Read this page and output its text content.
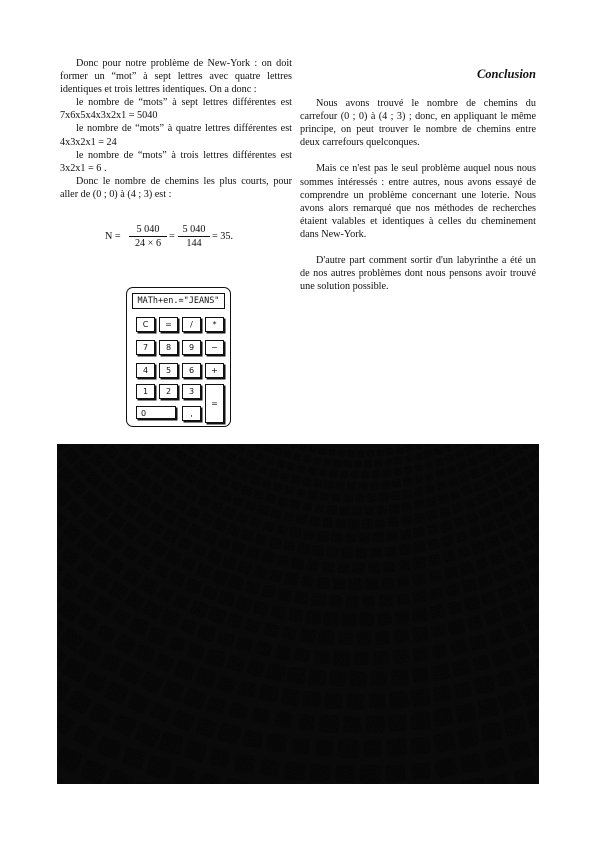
Donc pour notre problème de New-York : on doit former un “mot” à sept lettres avec quatre lettres identiques et trois lettres identiques. On a donc :

le nombre de “mots” à sept lettres différentes est 7x6x5x4x3x2x1 = 5040

le nombre de “mots” à quatre lettres différentes est 4x3x2x1 = 24

le nombre de “mots” à trois lettres différentes est 3x2x1 = 6 .

Donc le nombre de chemins les plus courts, pour aller de (0 ; 0) à (4 ; 3) est :

$N = \frac{5 040}{24 \times 6} = \frac{5 040}{144} = 35$.
MATh+en.="JEANS"
C	=	/	*
7	8	9	−
4	5	6	+
1	2	3
=
0	,

Conclusion

Nous avons trouvé le nombre de chemins du carrefour (0 ; 0) à (4 ; 3) ; donc, en appliquant le même principe, on peut trouver le nombre de chemins entre deux carrefours quelconques.

Mais ce n'est pas le seul problème auquel nous nous sommes intéressés : entre autres, nous avons essayé de comprendre un problème concernant une loterie. Nous avons alors remarqué que nos méthodes de recherches étaient valables et identiques à celles du cheminement dans New-York.

D'autre part comment sortir d'un labyrinthe a été un de nos autres problèmes dont nous pensons avoir trouvé une solution possible.
